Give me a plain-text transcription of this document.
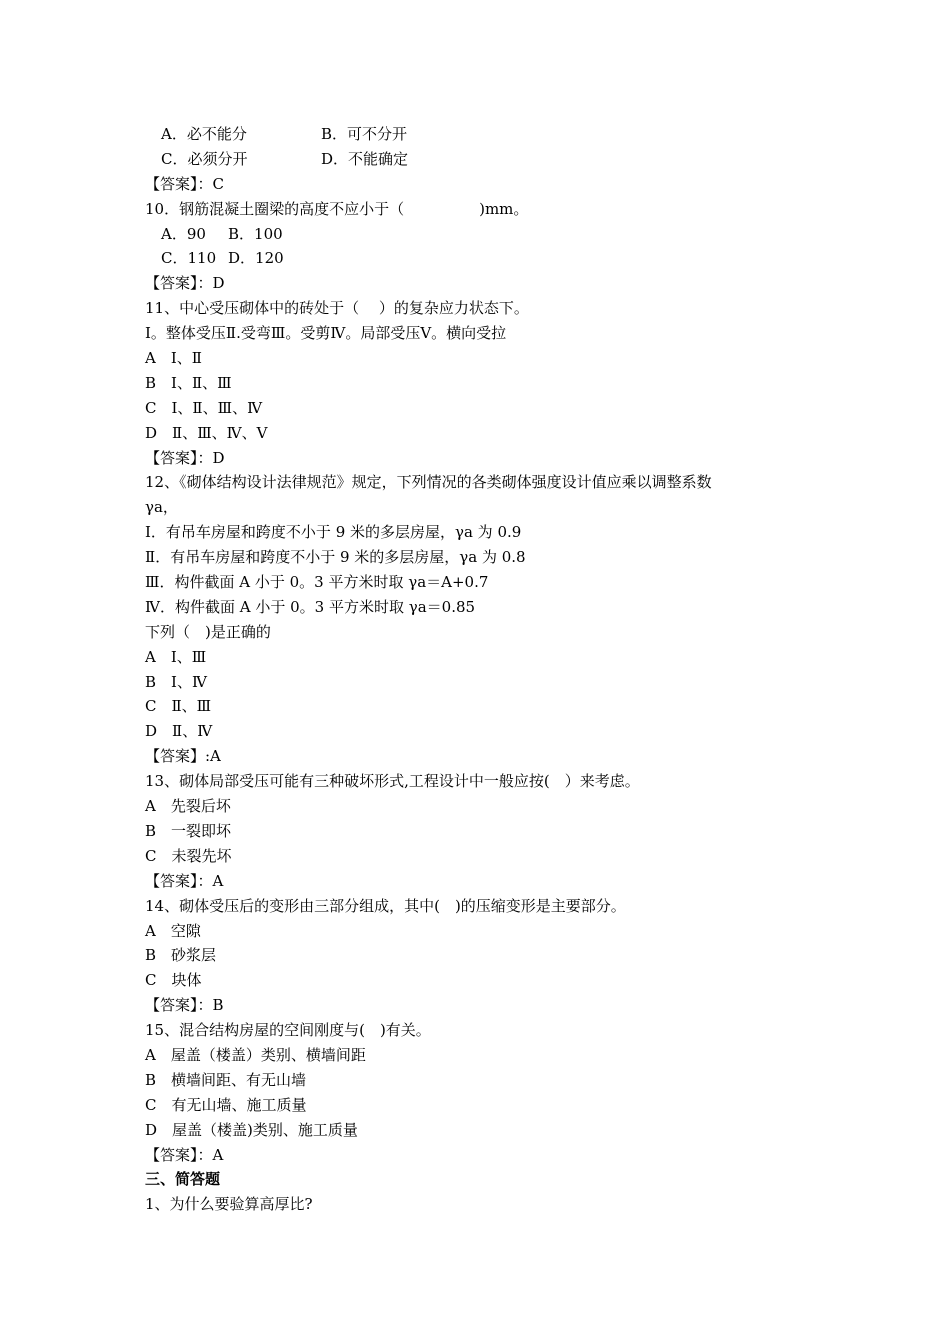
A．必不能分	B．可不分开
C．必须分开	D．不能确定
【答案】：C
10．钢筋混凝土圈梁的高度不应小于（　　　　　)mm。
A．90 B．100
C．110 D．120
【答案】：D
11、中心受压砌体中的砖处于（　 ）的复杂应力状态下。
Ⅰ。整体受压Ⅱ.受弯Ⅲ。受剪Ⅳ。局部受压Ⅴ。横向受拉
A　Ⅰ、Ⅱ
B　Ⅰ、Ⅱ、Ⅲ
C　Ⅰ、Ⅱ、Ⅲ、Ⅳ
D　Ⅱ、Ⅲ、Ⅳ、Ⅴ
【答案】：D
12、《砌体结构设计法律规范》规定，下列情况的各类砌体强度设计值应乘以调整系数
γa，
Ⅰ．有吊车房屋和跨度不小于 9 米的多层房屋，γa 为 0.9
Ⅱ．有吊车房屋和跨度不小于 9 米的多层房屋，γa 为 0.8
Ⅲ．构件截面 A 小于 0。3 平方米时取 γa＝A+0.7
Ⅳ．构件截面 A 小于 0。3 平方米时取 γa＝0.85
下列（　)是正确的
A　Ⅰ、Ⅲ
B　Ⅰ、Ⅳ
C　Ⅱ、Ⅲ
D　Ⅱ、Ⅳ
【答案】:A
13、砌体局部受压可能有三种破坏形式,工程设计中一般应按(　）来考虑。
A　先裂后坏
B　一裂即坏
C　未裂先坏
【答案】：A
14、砌体受压后的变形由三部分组成，其中(　)的压缩变形是主要部分。
A　空隙
B　砂浆层
C　块体
【答案】：B
15、混合结构房屋的空间刚度与(　)有关。
A　屋盖（楼盖）类别、横墙间距
B　横墙间距、有无山墙
C　有无山墙、施工质量
D　屋盖（楼盖)类别、施工质量
【答案】：A
三、简答题
1、为什么要验算高厚比?
